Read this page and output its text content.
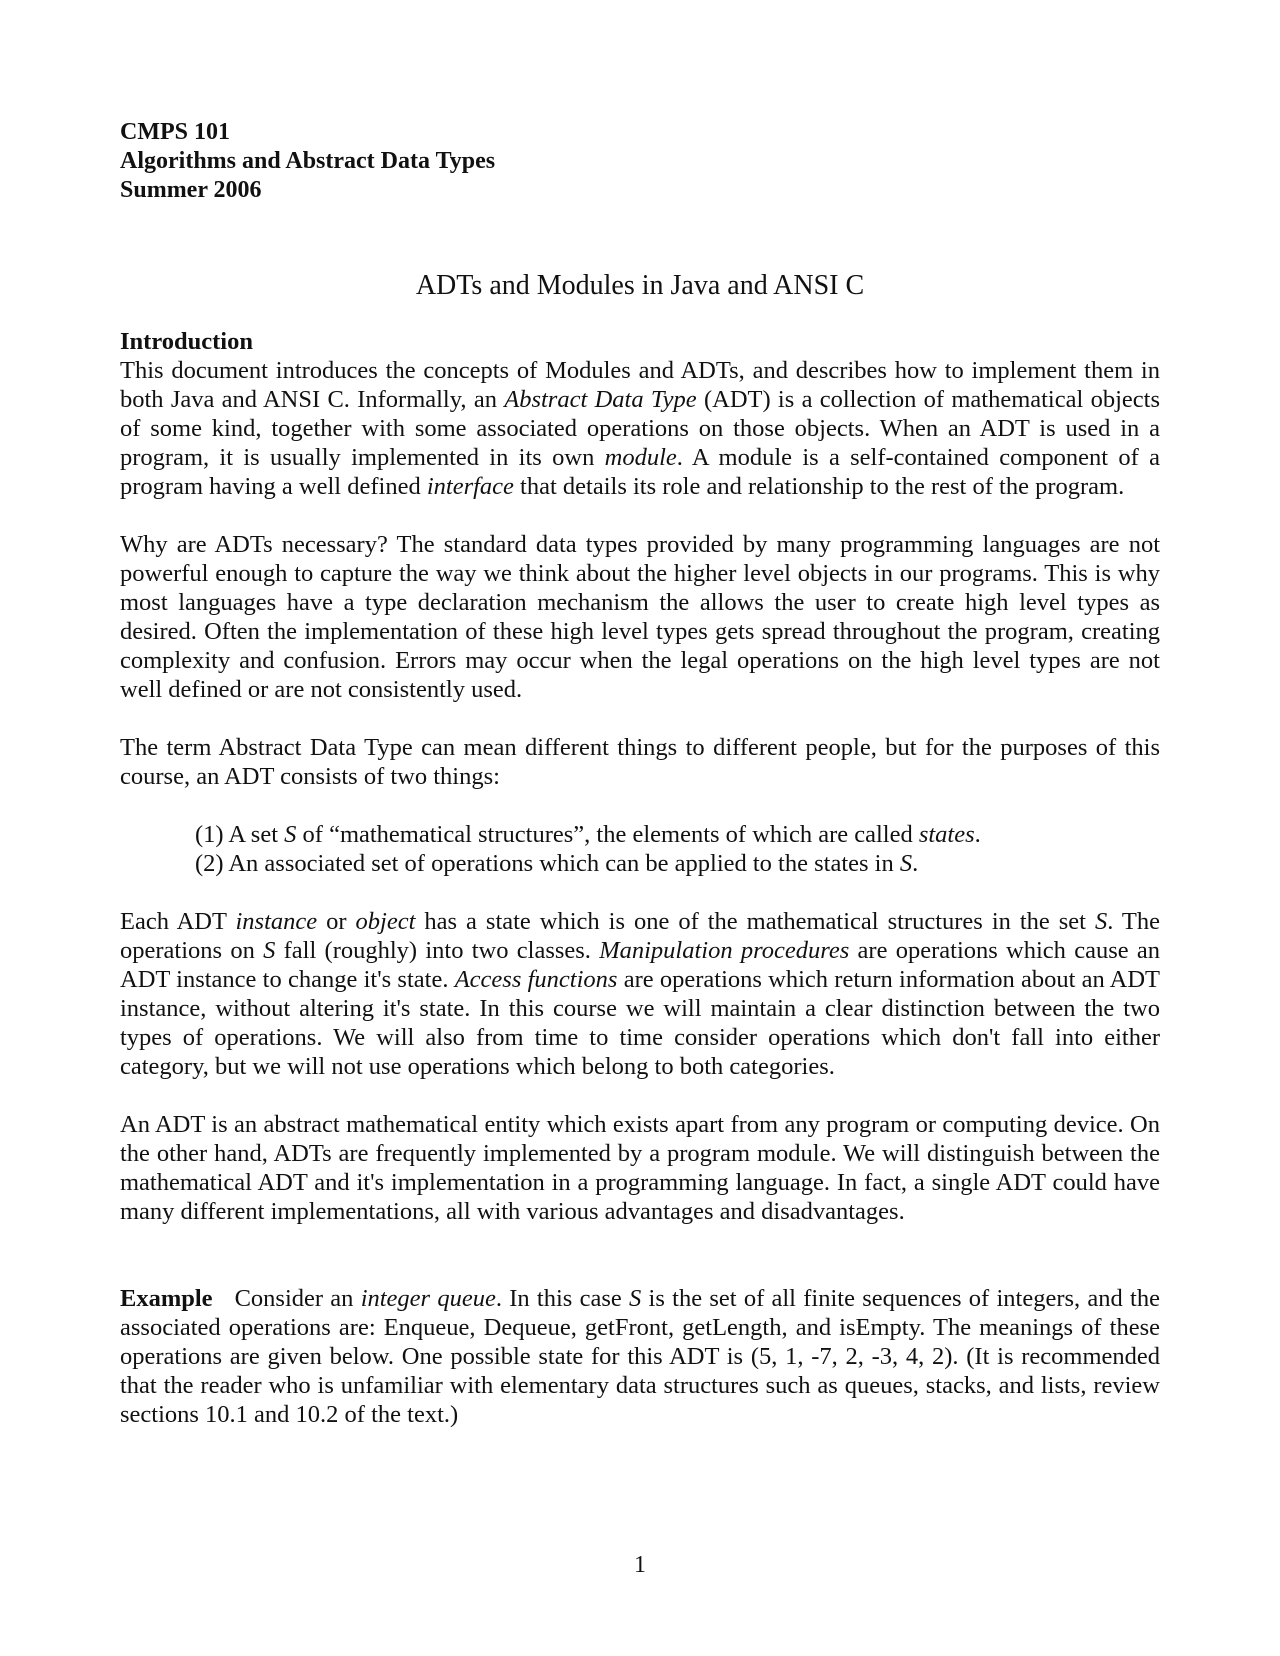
CMPS 101
Algorithms and Abstract Data Types
Summer 2006
ADTs and Modules in Java and ANSI C
Introduction

This document introduces the concepts of Modules and ADTs, and describes how to implement them in both Java and ANSI C. Informally, an Abstract Data Type (ADT) is a collection of mathematical objects of some kind, together with some associated operations on those objects. When an ADT is used in a program, it is usually implemented in its own module. A module is a self-contained component of a program having a well defined interface that details its role and relationship to the rest of the program.

Why are ADTs necessary? The standard data types provided by many programming languages are not powerful enough to capture the way we think about the higher level objects in our programs. This is why most languages have a type declaration mechanism the allows the user to create high level types as desired. Often the implementation of these high level types gets spread throughout the program, creating complexity and confusion. Errors may occur when the legal operations on the high level types are not well defined or are not consistently used.

The term Abstract Data Type can mean different things to different people, but for the purposes of this course, an ADT consists of two things:

(1) A set S of “mathematical structures”, the elements of which are called states.
(2) An associated set of operations which can be applied to the states in S.

Each ADT instance or object has a state which is one of the mathematical structures in the set S. The operations on S fall (roughly) into two classes. Manipulation procedures are operations which cause an ADT instance to change it's state. Access functions are operations which return information about an ADT instance, without altering it's state. In this course we will maintain a clear distinction between the two types of operations. We will also from time to time consider operations which don't fall into either category, but we will not use operations which belong to both categories.

An ADT is an abstract mathematical entity which exists apart from any program or computing device. On the other hand, ADTs are frequently implemented by a program module. We will distinguish between the mathematical ADT and it's implementation in a programming language. In fact, a single ADT could have many different implementations, all with various advantages and disadvantages.

Example Consider an integer queue. In this case S is the set of all finite sequences of integers, and the associated operations are: Enqueue, Dequeue, getFront, getLength, and isEmpty. The meanings of these operations are given below. One possible state for this ADT is (5, 1, -7, 2, -3, 4, 2). (It is recommended that the reader who is unfamiliar with elementary data structures such as queues, stacks, and lists, review sections 10.1 and 10.2 of the text.)

1
